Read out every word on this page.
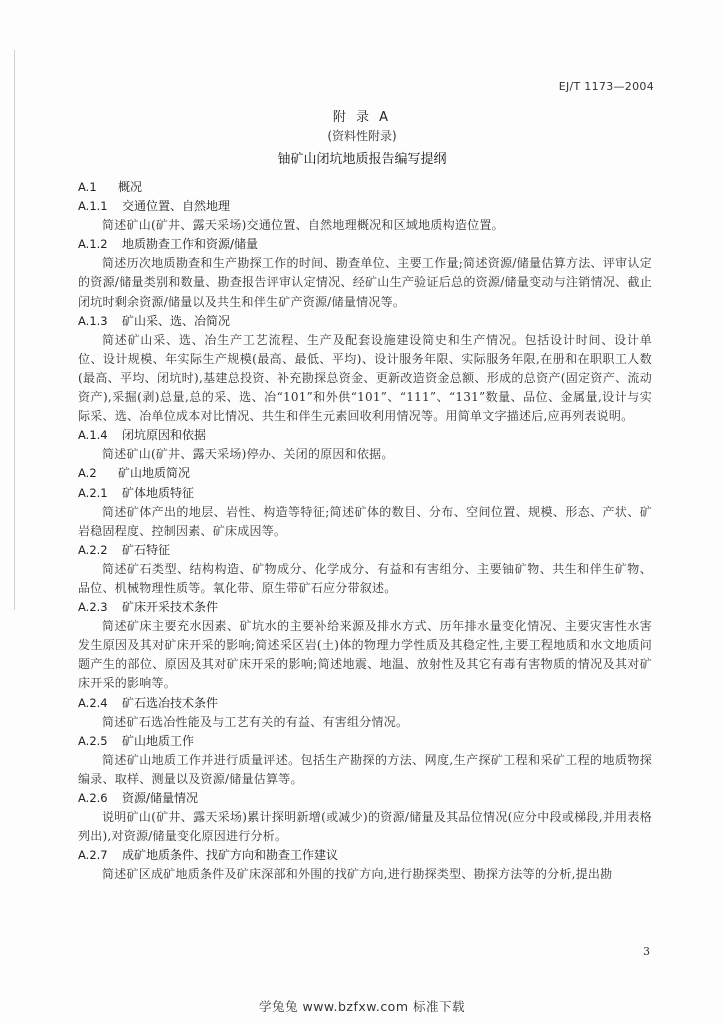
EJ/T 1173—2004
附 录 A
(资料性附录)
铀矿山闭坑地质报告编写提纲
A.1 概况
A.1.1 交通位置、自然地理

简述矿山(矿井、露天采场)交通位置、自然地理概况和区域地质构造位置。

A.1.2 地质勘查工作和资源/储量

简述历次地质勘查和生产勘探工作的时间、勘查单位、主要工作量;简述资源/储量估算方法、评审认定的资源/储量类别和数量、勘查报告评审认定情况、经矿山生产验证后总的资源/储量变动与注销情况、截止闭坑时剩余资源/储量以及共生和伴生矿产资源/储量情况等。

A.1.3 矿山采、选、冶简况

简述矿山采、选、冶生产工艺流程、生产及配套设施建设简史和生产情况。包括设计时间、设计单位、设计规模、年实际生产规模(最高、最低、平均)、设计服务年限、实际服务年限,在册和在职职工人数(最高、平均、闭坑时),基建总投资、补充勘探总资金、更新改造资金总额、形成的总资产(固定资产、流动资产),采掘(剥)总量,总的采、选、冶“101”和外供“101”、“111”、“131”数量、品位、金属量,设计与实际采、选、冶单位成本对比情况、共生和伴生元素回收利用情况等。用简单文字描述后,应再列表说明。

A.1.4 闭坑原因和依据

简述矿山(矿井、露天采场)停办、关闭的原因和依据。

A.2 矿山地质简况
A.2.1 矿体地质特征

简述矿体产出的地层、岩性、构造等特征;简述矿体的数目、分布、空间位置、规模、形态、产状、矿岩稳固程度、控制因素、矿床成因等。

A.2.2 矿石特征

简述矿石类型、结构构造、矿物成分、化学成分、有益和有害组分、主要铀矿物、共生和伴生矿物、品位、机械物理性质等。氧化带、原生带矿石应分带叙述。

A.2.3 矿床开采技术条件

简述矿床主要充水因素、矿坑水的主要补给来源及排水方式、历年排水量变化情况、主要灾害性水害发生原因及其对矿床开采的影响;简述采区岩(土)体的物理力学性质及其稳定性,主要工程地质和水文地质问题产生的部位、原因及其对矿床开采的影响;简述地震、地温、放射性及其它有毒有害物质的情况及其对矿床开采的影响等。

A.2.4 矿石选冶技术条件

简述矿石选冶性能及与工艺有关的有益、有害组分情况。

A.2.5 矿山地质工作

简述矿山地质工作并进行质量评述。包括生产勘探的方法、网度,生产探矿工程和采矿工程的地质物探编录、取样、测量以及资源/储量估算等。

A.2.6 资源/储量情况

说明矿山(矿井、露天采场)累计探明新增(或减少)的资源/储量及其品位情况(应分中段或梯段,并用表格列出),对资源/储量变化原因进行分析。

A.2.7 成矿地质条件、找矿方向和勘查工作建议

简述矿区成矿地质条件及矿床深部和外围的找矿方向,进行勘探类型、勘探方法等的分析,提出勘

3
学兔兔 www.bzfxw.com 标准下载
